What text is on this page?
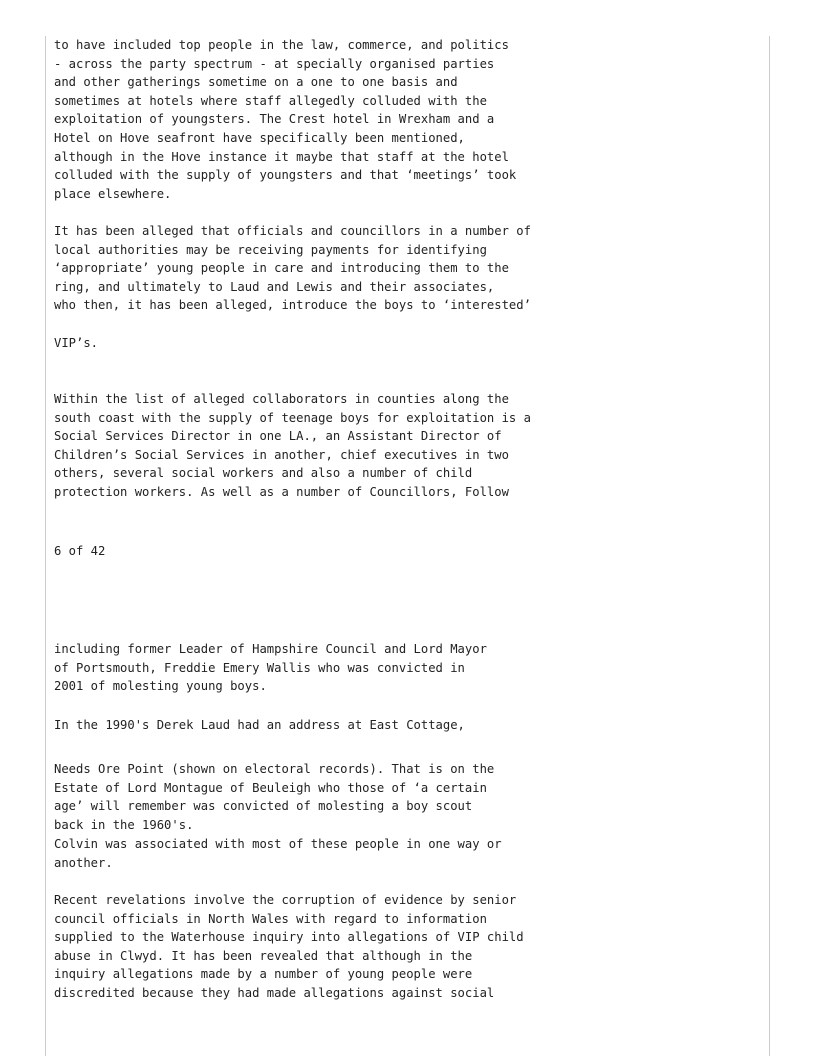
to have included top people in the law, commerce, and politics
- across the party spectrum - at specially organised parties
and other gatherings sometime on a one to one basis and
sometimes at hotels where staff allegedly colluded with the
exploitation of youngsters. The Crest hotel in Wrexham and a
Hotel on Hove seafront have specifically been mentioned,
although in the Hove instance it maybe that staff at the hotel
colluded with the supply of youngsters and that ‘meetings’ took
place elsewhere.

It has been alleged that officials and councillors in a number of
local authorities may be receiving payments for identifying
‘appropriate’ young people in care and introducing them to the
ring, and ultimately to Laud and Lewis and their associates,
who then, it has been alleged, introduce the boys to ‘interested’

VIP’s.

Within the list of alleged collaborators in counties along the
south coast with the supply of teenage boys for exploitation is a
Social Services Director in one LA., an Assistant Director of
Children’s Social Services in another, chief executives in two
others, several social workers and also a number of child

protection workers. As well as a number of Councillors, Follow

6 of 42

including former Leader of Hampshire Council and Lord Mayor
of Portsmouth, Freddie Emery Wallis who was convicted in
2001 of molesting young boys.

In the 1990's Derek Laud had an address at East Cottage,

Needs Ore Point (shown on electoral records). That is on the
Estate of Lord Montague of Beuleigh who those of ‘a certain
age’ will remember was convicted of molesting a boy scout
back in the 1960's.

Colvin was associated with most of these people in one way or
another.

Recent revelations involve the corruption of evidence by senior
council officials in North Wales with regard to information
supplied to the Waterhouse inquiry into allegations of VIP child
abuse in Clwyd. It has been revealed that although in the
inquiry allegations made by a number of young people were
discredited because they had made allegations against social
